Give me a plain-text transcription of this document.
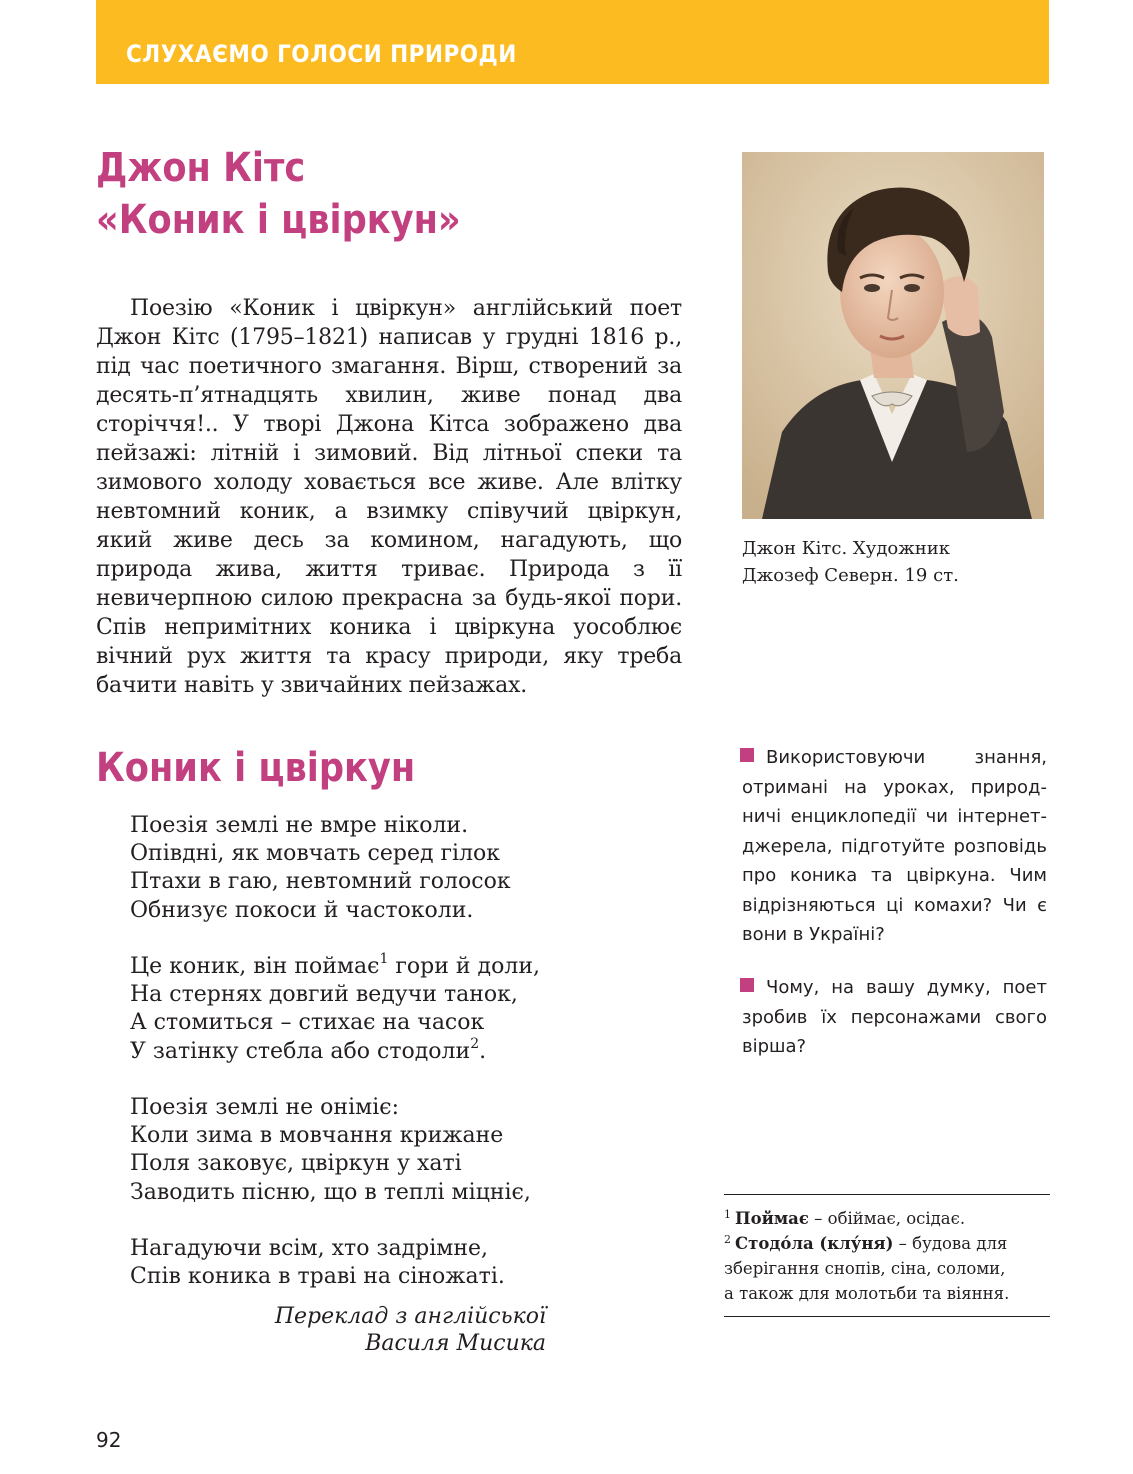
СЛУХАЄМО ГОЛОСИ ПРИРОДИ
Джон Кітс
«Коник і цвіркун»

Поезію «Коник і цвіркун» англійський поет Джон Кітс (1795–1821) написав у грудні 1816 р., під час поетичного змагання. Вірш, створений за десять-п’ятнадцять хвилин, живе понад два сторіччя!.. У творі Джона Кітса зображено два пейзажі: літній і зимовий. Від літньої спеки та зимового холоду ховається все живе. Але влітку невтомний коник, а взимку співучий цвіркун, який живе десь за комином, нагадують, що природа жива, життя триває. Природа з її невичерпною силою прекрасна за будь-якої пори. Спів непримітних коника і цвіркуна уособлює вічний рух життя та красу природи, яку треба бачити навіть у звичайних пейзажах.

Джон Кітс. Художник
Джозеф Северн. 19 ст.

Коник і цвіркун
Поезія землі не вмре ніколи.
Опівдні, як мовчать серед гілок
Птахи в гаю, невтомний голосок
Обнизує покоси й частоколи.
Це коник, він поймає$^1$ гори й доли,
На стернях довгий ведучи танок,
А стомиться – стихає на часок
У затінку стебла або стодоли$^2$.
Поезія землі не оніміє:
Коли зима в мовчання крижане
Поля заковує, цвіркун у хаті
Заводить пісню, що в теплі міцніє,
Нагадуючи всім, хто задрімне,
Спів коника в траві на сіножаті.
Переклад з англійської
Василя Мисика

Використовуючи знання, отримані на уроках, природничі енциклопедії чи інтернет-джерела, підготуйте розповідь про коника та цвіркуна. Чим відрізняються ці комахи? Чи є вони в Україні?

Чому, на вашу думку, поет зробив їх персонажами свого вірша?

$^1$ Поймає – обіймає, осідає.
$^2$ Стодо́ла (клу́ня) – будова для
зберігання снопів, сіна, соломи,
а також для молотьби та віяння.
92
